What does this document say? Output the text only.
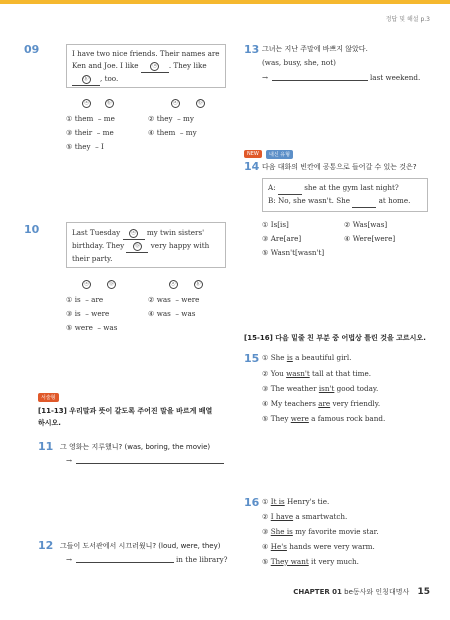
정답 및 해설 p.3
09	I have two nice friends. Their names are
Ken and Joe. I like	ⓐ . They like
ⓑ , too.
ⓐ	ⓑ	ⓐ	ⓑ
① them  – me	② they  – my
③ their  – me	④ them  – my
⑤ they  – I
10	Last Tuesday ⓐ my twin sisters'
birthday. They ⓑ very happy with
their party.
ⓐ	ⓑ	ⓐ	ⓑ
① is  – are	② was  – were
③ is  – were	④ was  – was
⑤ were  – was
서술형
[11-13] 우리말과 뜻이 같도록 주어진 말을 바르게 배열
하시오.
11 그 영화는 지루했니? (was, boring, the movie)
→
12 그들이 도서관에서 시끄러웠니? (loud, were, they)
→	in the library?
13 그녀는 지난 주말에 바쁘지 않았다.
(was, busy, she, not)
→	last weekend.
NEW	내신 유형
14 다음 대화의 빈칸에 공통으로 들어갈 수 있는 것은?
A:	she at the gym last night?
B: No, she wasn't. She	at home.
① Is[is]	② Was[was]
③ Are[are]	④ Were[were]
⑤ Wasn't[wasn't]
[15-16] 다음 밑줄 친 부분 중 어법상 틀린 것을 고르시오.
15 ① She is a beautiful girl.
② You wasn't tall at that time.
③ The weather isn't good today.
④ My teachers are very friendly.
⑤ They were a famous rock band.
16 ① It is Henry's tie.
② I have a smartwatch.
③ She is my favorite movie star.
④ He's hands were very warm.
⑤ They want it very much.
CHAPTER 01 be동사와 인칭대명사 15
